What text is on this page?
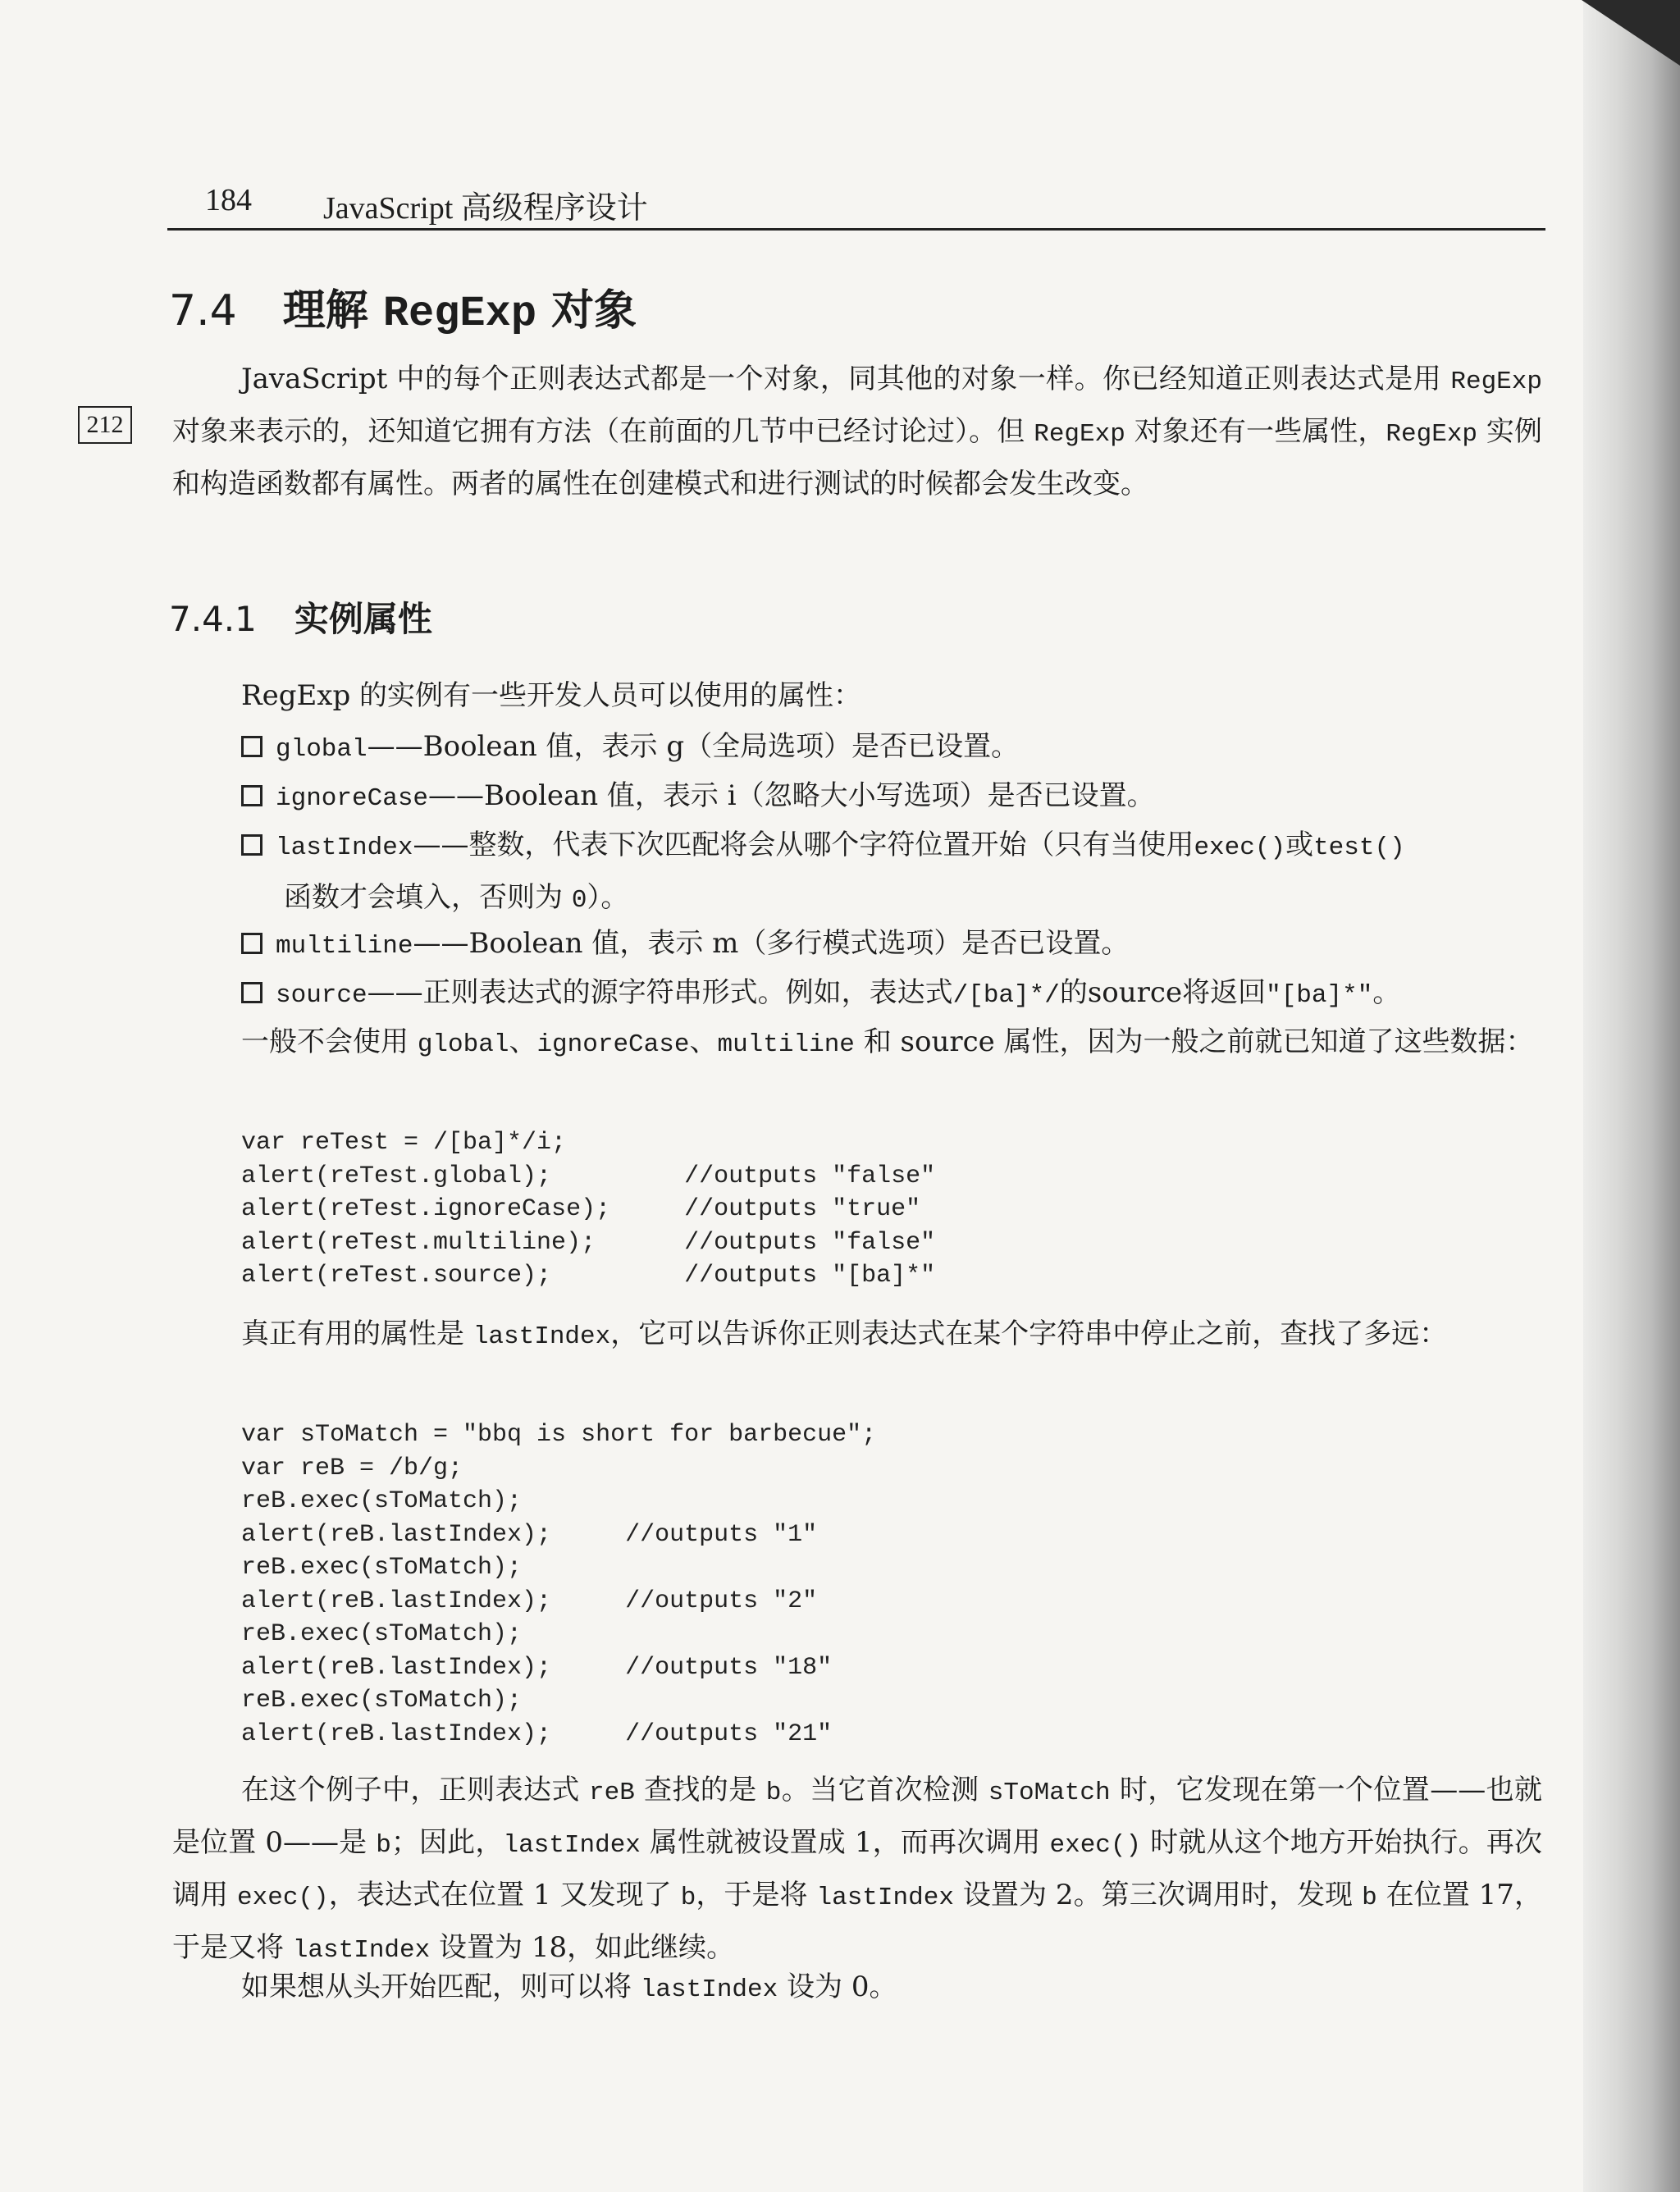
184 JavaScript 高级程序设计
7.4 理解 RegExp 对象
212
JavaScript 中的每个正则表达式都是一个对象，同其他的对象一样。你已经知道正则表达式是用 RegExp 对象来表示的，还知道它拥有方法（在前面的几节中已经讨论过）。但 RegExp 对象还有一些属性，RegExp 实例和构造函数都有属性。两者的属性在创建模式和进行测试的时候都会发生改变。
7.4.1 实例属性
RegExp 的实例有一些开发人员可以使用的属性：
global——Boolean 值，表示 g（全局选项）是否已设置。
ignoreCase——Boolean 值，表示 i（忽略大小写选项）是否已设置。
lastIndex——整数，代表下次匹配将会从哪个字符位置开始（只有当使用exec()或test()
函数才会填入，否则为 0）。
multiline——Boolean 值，表示 m（多行模式选项）是否已设置。
source——正则表达式的源字符串形式。例如，表达式/[ba]*/的source将返回"[ba]*"。
一般不会使用 global、ignoreCase、multiline 和 source 属性，因为一般之前就已知道了这些数据：
var reTest = /[ba]*/i;
alert(reTest.global);         //outputs "false"
alert(reTest.ignoreCase);     //outputs "true"
alert(reTest.multiline);      //outputs "false"
alert(reTest.source);         //outputs "[ba]*"
真正有用的属性是 lastIndex，它可以告诉你正则表达式在某个字符串中停止之前，查找了多远：
var sToMatch = "bbq is short for barbecue";
var reB = /b/g;
reB.exec(sToMatch);
alert(reB.lastIndex);     //outputs "1"
reB.exec(sToMatch);
alert(reB.lastIndex);     //outputs "2"
reB.exec(sToMatch);
alert(reB.lastIndex);     //outputs "18"
reB.exec(sToMatch);
alert(reB.lastIndex);     //outputs "21"
在这个例子中，正则表达式 reB 查找的是 b。当它首次检测 sToMatch 时，它发现在第一个位置——也就是位置 0——是 b；因此，lastIndex 属性就被设置成 1，而再次调用 exec() 时就从这个地方开始执行。再次调用 exec()，表达式在位置 1 又发现了 b，于是将 lastIndex 设置为 2。第三次调用时，发现 b 在位置 17，于是又将 lastIndex 设置为 18，如此继续。
如果想从头开始匹配，则可以将 lastIndex 设为 0。
